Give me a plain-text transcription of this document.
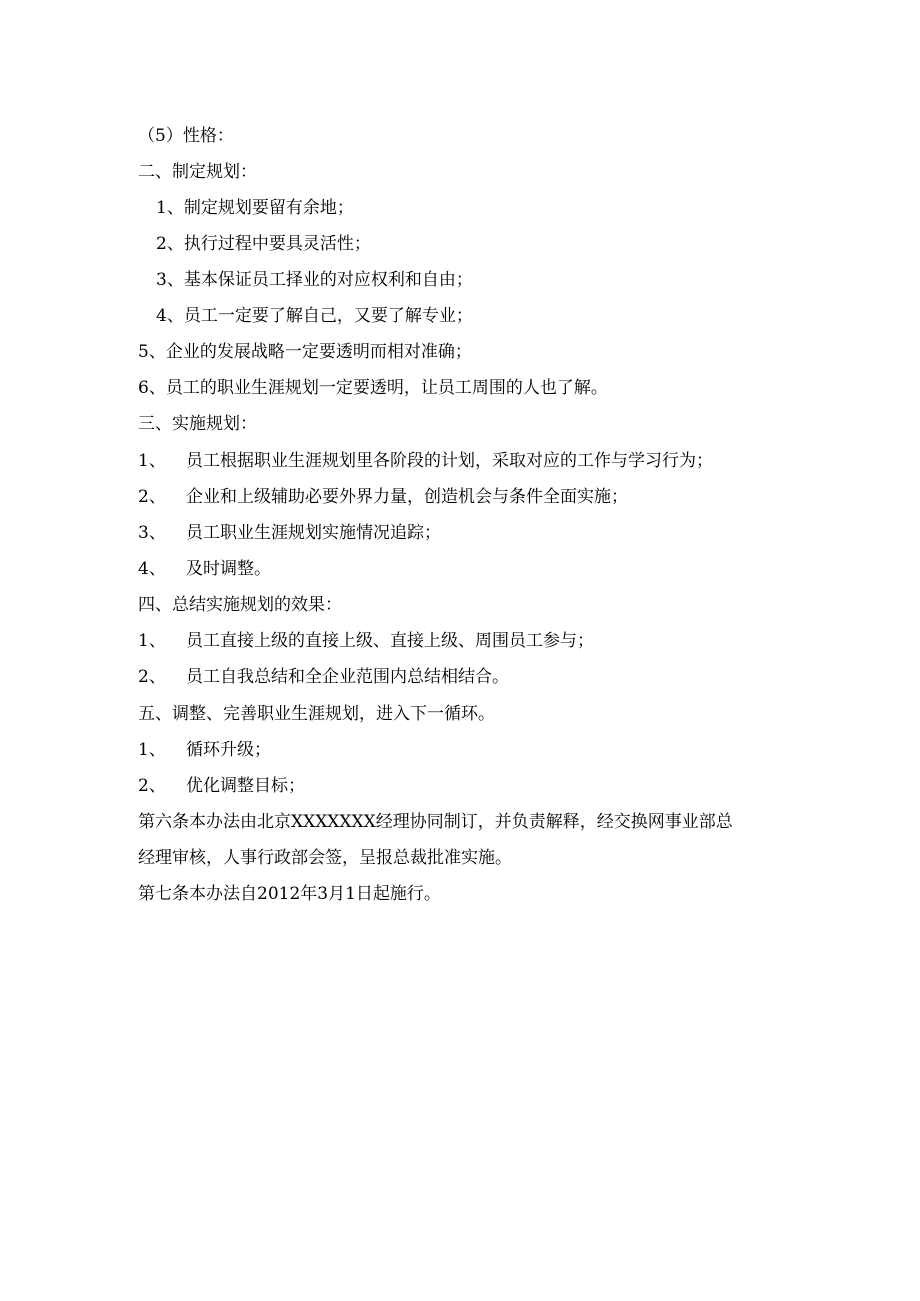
（5）性格：
二、制定规划：
1、制定规划要留有余地；
2、执行过程中要具灵活性；
3、基本保证员工择业的对应权利和自由；
4、员工一定要了解自己，又要了解专业；
5、企业的发展战略一定要透明而相对准确；
6、员工的职业生涯规划一定要透明，让员工周围的人也了解。
三、实施规划：
1、 员工根据职业生涯规划里各阶段的计划，采取对应的工作与学习行为；
2、 企业和上级辅助必要外界力量，创造机会与条件全面实施；
3、 员工职业生涯规划实施情况追踪；
4、 及时调整。
四、总结实施规划的效果：
1、 员工直接上级的直接上级、直接上级、周围员工参与；
2、 员工自我总结和全企业范围内总结相结合。
五、调整、完善职业生涯规划，进入下一循环。
1、 循环升级；
2、 优化调整目标；
第六条本办法由北京XXXXXXX经理协同制订，并负责解释，经交换网事业部总
经理审核，人事行政部会签，呈报总裁批准实施。
第七条本办法自2012年3月1日起施行。
